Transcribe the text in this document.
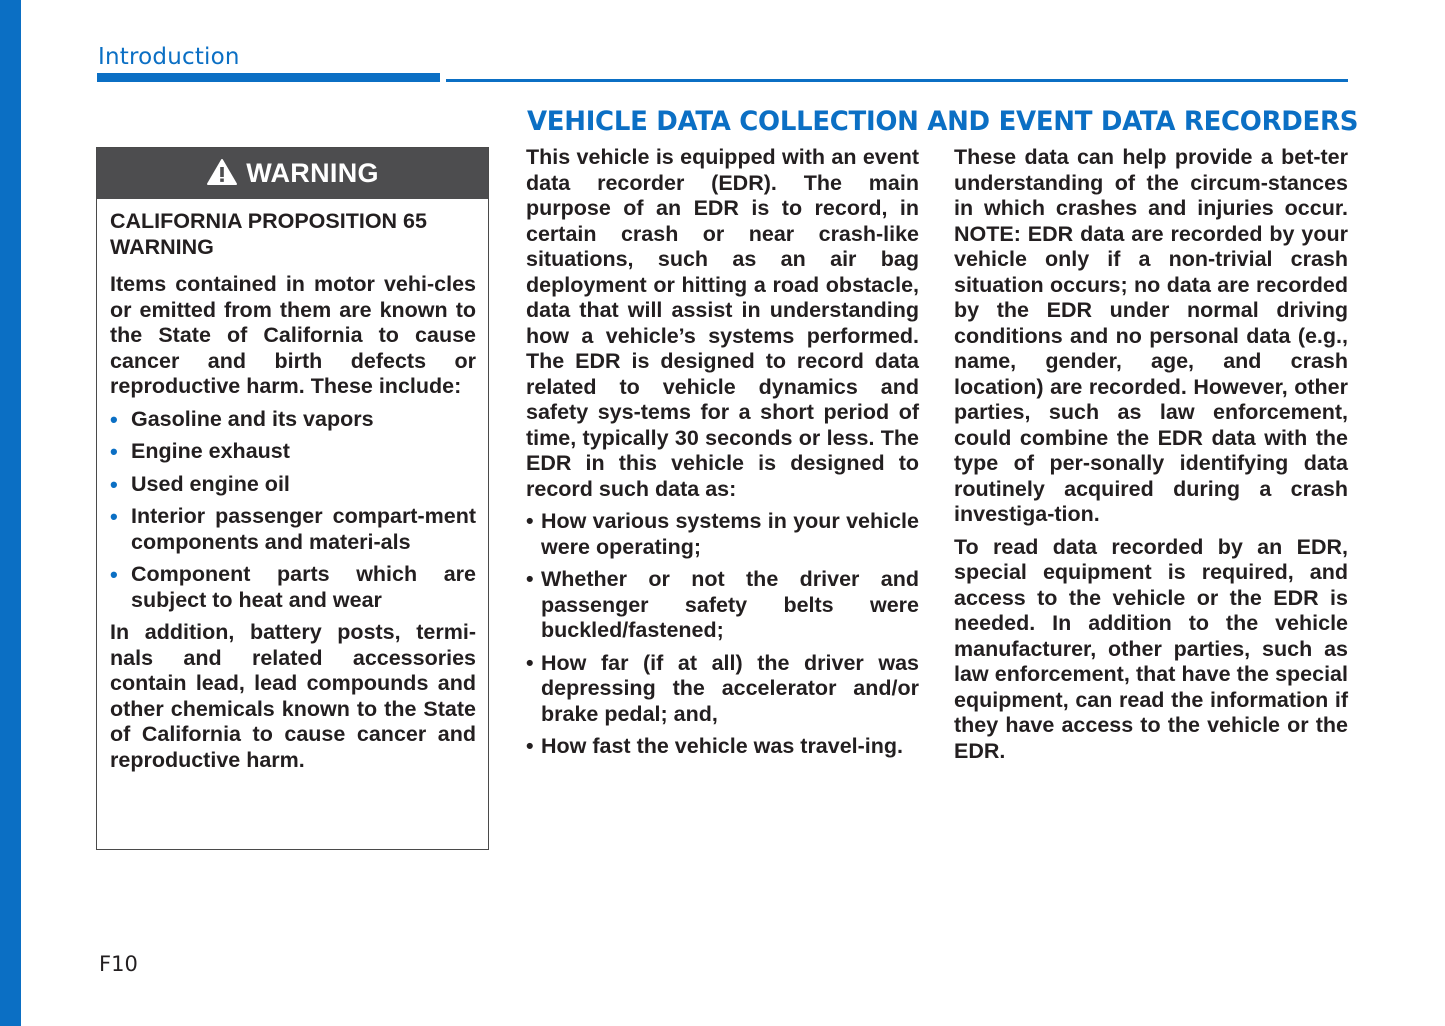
Introduction
VEHICLE DATA COLLECTION AND EVENT DATA RECORDERS
WARNING

CALIFORNIA PROPOSITION 65 WARNING

Items contained in motor vehi-cles or emitted from them are known to the State of California to cause cancer and birth defects or reproductive harm. These include:

• Gasoline and its vapors
• Engine exhaust
• Used engine oil
• Interior passenger compart-ment components and materi-als
• Component parts which are subject to heat and wear

In addition, battery posts, termi-nals and related accessories contain lead, lead compounds and other chemicals known to the State of California to cause cancer and reproductive harm.

This vehicle is equipped with an event data recorder (EDR). The main purpose of an EDR is to record, in certain crash or near crash-like situations, such as an air bag deployment or hitting a road obstacle, data that will assist in understanding how a vehicle’s systems performed. The EDR is designed to record data related to vehicle dynamics and safety sys-tems for a short period of time, typically 30 seconds or less. The EDR in this vehicle is designed to record such data as:

• How various systems in your vehicle were operating;
• Whether or not the driver and passenger safety belts were buckled/fastened;
• How far (if at all) the driver was depressing the accelerator and/or brake pedal; and,
• How fast the vehicle was travel-ing.

These data can help provide a bet-ter understanding of the circum-stances in which crashes and injuries occur. NOTE: EDR data are recorded by your vehicle only if a non-trivial crash situation occurs; no data are recorded by the EDR under normal driving conditions and no personal data (e.g., name, gender, age, and crash location) are recorded. However, other parties, such as law enforcement, could combine the EDR data with the type of per-sonally identifying data routinely acquired during a crash investiga-tion.

To read data recorded by an EDR, special equipment is required, and access to the vehicle or the EDR is needed. In addition to the vehicle manufacturer, other parties, such as law enforcement, that have the special equipment, can read the information if they have access to the vehicle or the EDR.

F10
